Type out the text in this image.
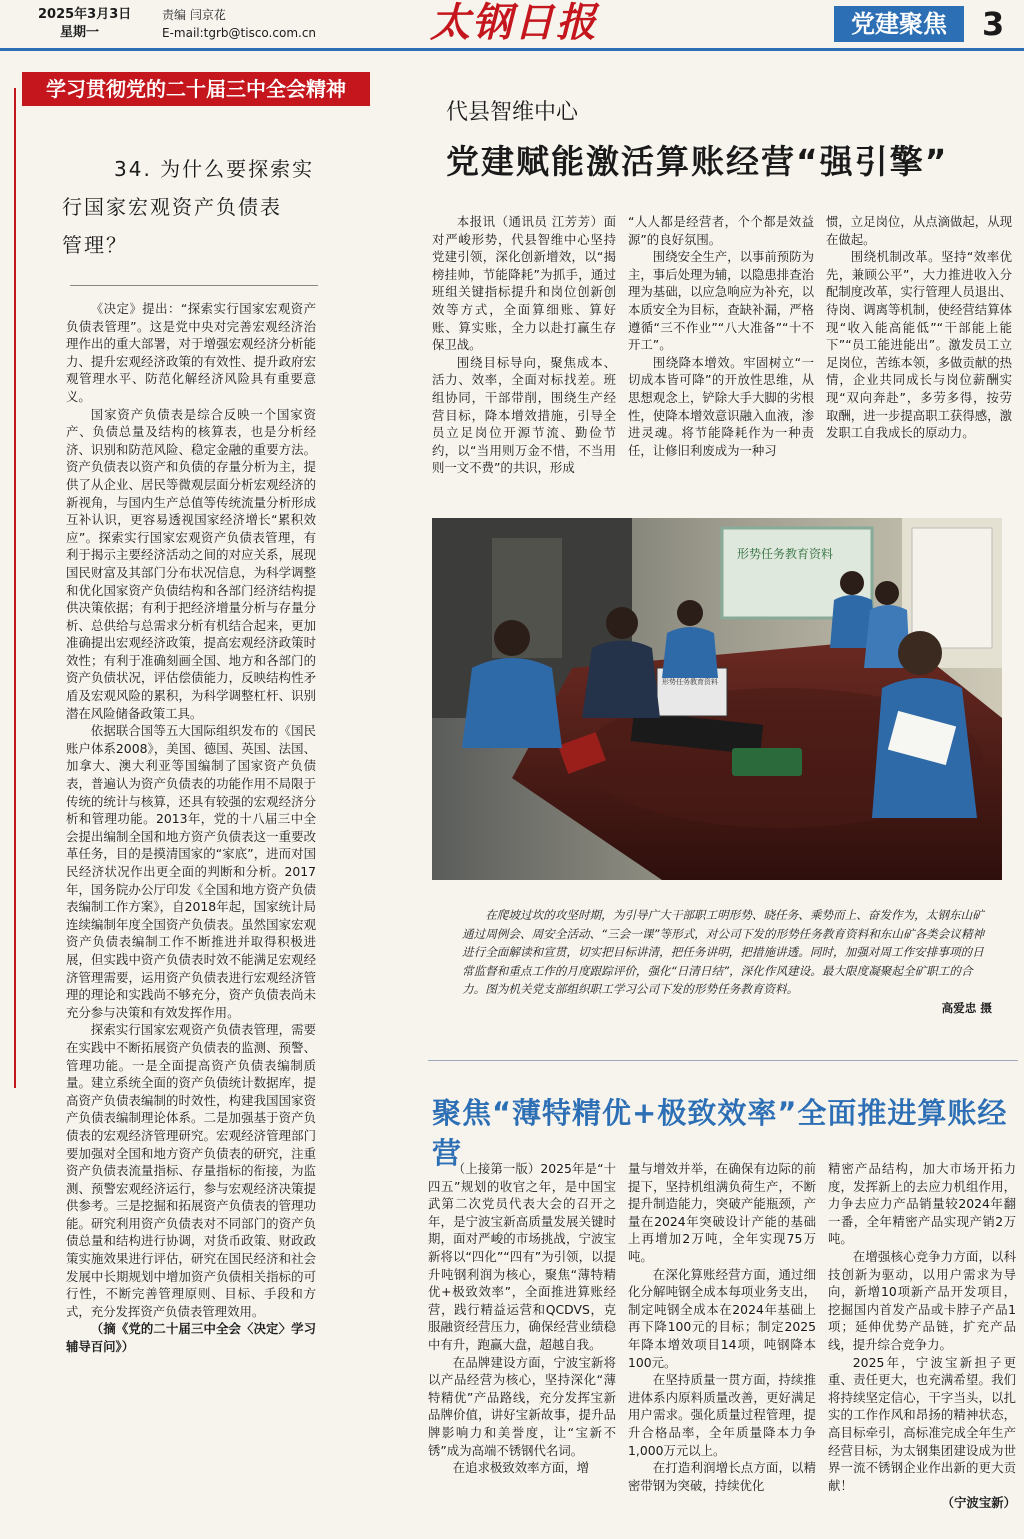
2025年3月3日
星期一
责编 闫京花
E-mail:tgrb@tisco.com.cn	太钢日报	党建聚焦	3
学习贯彻党的二十届三中全会精神
34. 为什么要探索实
行国家宏观资产负债表
管理？

《决定》提出：“探索实行国家宏观资产负债表管理”。这是党中央对完善宏观经济治理作出的重大部署，对于增强宏观经济分析能力、提升宏观经济政策的有效性、提升政府宏观管理水平、防范化解经济风险具有重要意义。

国家资产负债表是综合反映一个国家资产、负债总量及结构的核算表，也是分析经济、识别和防范风险、稳定金融的重要方法。资产负债表以资产和负债的存量分析为主，提供了从企业、居民等微观层面分析宏观经济的新视角，与国内生产总值等传统流量分析形成互补认识，更容易透视国家经济增长“累积效应”。探索实行国家宏观资产负债表管理，有利于揭示主要经济活动之间的对应关系，展现国民财富及其部门分布状况信息，为科学调整和优化国家资产负债结构和各部门经济结构提供决策依据；有利于把经济增量分析与存量分析、总供给与总需求分析有机结合起来，更加准确提出宏观经济政策，提高宏观经济政策时效性；有利于准确刻画全国、地方和各部门的资产负债状况，评估偿债能力，反映结构性矛盾及宏观风险的累积，为科学调整杠杆、识别潜在风险储备政策工具。

依据联合国等五大国际组织发布的《国民账户体系2008》，美国、德国、英国、法国、加拿大、澳大利亚等国编制了国家资产负债表，普遍认为资产负债表的功能作用不局限于传统的统计与核算，还具有较强的宏观经济分析和管理功能。2013年，党的十八届三中全会提出编制全国和地方资产负债表这一重要改革任务，目的是摸清国家的“家底”，进而对国民经济状况作出更全面的判断和分析。2017年，国务院办公厅印发《全国和地方资产负债表编制工作方案》，自2018年起，国家统计局连续编制年度全国资产负债表。虽然国家宏观资产负债表编制工作不断推进并取得积极进展，但实践中资产负债表时效不能满足宏观经济管理需要，运用资产负债表进行宏观经济管理的理论和实践尚不够充分，资产负债表尚未充分参与决策和有效发挥作用。

探索实行国家宏观资产负债表管理，需要在实践中不断拓展资产负债表的监测、预警、管理功能。一是全面提高资产负债表编制质量。建立系统全面的资产负债统计数据库，提高资产负债表编制的时效性，构建我国国家资产负债表编制理论体系。二是加强基于资产负债表的宏观经济管理研究。宏观经济管理部门要加强对全国和地方资产负债表的研究，注重资产负债表流量指标、存量指标的衔接，为监测、预警宏观经济运行，参与宏观经济决策提供参考。三是挖掘和拓展资产负债表的管理功能。研究利用资产负债表对不同部门的资产负债总量和结构进行协调，对货币政策、财政政策实施效果进行评估，研究在国民经济和社会发展中长期规划中增加资产负债相关指标的可行性，不断完善管理原则、目标、手段和方式，充分发挥资产负债表管理效用。

（摘《党的二十届三中全会〈决定〉学习辅导百问》）

代县智维中心
党建赋能激活算账经营“强引擎”

本报讯（通讯员 江芳芳）面对严峻形势，代县智维中心坚持党建引领，深化创新增效，以“揭榜挂帅，节能降耗”为抓手，通过班组关键指标提升和岗位创新创效等方式，全面算细账、算好账、算实账，全力以赴打赢生存保卫战。

围绕目标导向，聚焦成本、活力、效率，全面对标找差。班组协同，干部带削，围绕生产经营目标，降本增效措施，引导全员立足岗位开源节流、勤俭节约，以“当用则万金不惜，不当用则一文不费”的共识，形成

“人人都是经营者，个个都是效益源”的良好氛围。

围绕安全生产，以事前预防为主，事后处理为辅，以隐患排查治理为基础，以应急响应为补充，以本质安全为目标，查缺补漏，严格遵循“三不作业”“八大准备”“十不开工”。

围绕降本增效。牢固树立“一切成本皆可降”的开放性思维，从思想观念上，铲除大手大脚的劣根性，使降本增效意识融入血液，渗进灵魂。将节能降耗作为一种责任，让修旧利废成为一种习

惯，立足岗位，从点滴做起，从现在做起。

围绕机制改革。坚持“效率优先，兼顾公平”，大力推进收入分配制度改革，实行管理人员退出、待岗、调离等机制，使经营结算体现“收入能高能低”“干部能上能下”“员工能进能出”。激发员工立足岗位，苦练本领，多做贡献的热情，企业共同成长与岗位薪酬实现“双向奔赴”，多劳多得，按劳取酬，进一步提高职工获得感，激发职工自我成长的原动力。

形势任务教育资料
形势任务教育资料
在爬坡过坎的攻坚时期，为引导广大干部职工明形势、晓任务、乘势而上、奋发作为，太钢东山矿通过周例会、周安全活动、“三会一课”等形式，对公司下发的形势任务教育资料和东山矿各类会议精神进行全面解读和宣贯，切实把目标讲清，把任务讲明，把措施讲透。同时，加强对周工作安排事项的日常监督和重点工作的月度跟踪评价，强化“日清日结”，深化作风建设。最大限度凝聚起全矿职工的合力。图为机关党支部组织职工学习公司下发的形势任务教育资料。
高爱忠 摄
聚焦“薄特精优+极致效率”全面推进算账经营

（上接第一版）2025年是“十四五”规划的收官之年，是中国宝武第二次党员代表大会的召开之年，是宁波宝新高质量发展关键时期，面对严峻的市场挑战，宁波宝新将以“四化”“四有”为引领，以提升吨钢利润为核心，聚焦“薄特精优+极致效率”，全面推进算账经营，践行精益运营和QCDVS，克服融资经营压力，确保经营业绩稳中有升，跑赢大盘，超越自我。

在品牌建设方面，宁波宝新将以产品经营为核心，坚持深化“薄特精优”产品路线，充分发挥宝新品牌价值，讲好宝新故事，提升品牌影响力和美誉度，让“宝新不锈”成为高端不锈钢代名词。

在追求极致效率方面，增

量与增效并举，在确保有边际的前提下，坚持机组满负荷生产，不断提升制造能力，突破产能瓶颈，产量在2024年突破设计产能的基础上再增加2万吨，全年实现75万吨。

在深化算账经营方面，通过细化分解吨钢全成本每项业务支出，制定吨钢全成本在2024年基础上再下降100元的目标；制定2025年降本增效项目14项，吨钢降本100元。

在坚持质量一贯方面，持续推进体系内原料质量改善，更好满足用户需求。强化质量过程管理，提升合格品率，全年质量降本力争1,000万元以上。

在打造利润增长点方面，以精密带钢为突破，持续优化

精密产品结构，加大市场开拓力度，发挥新上的去应力机组作用，力争去应力产品销量较2024年翻一番，全年精密产品实现产销2万吨。

在增强核心竞争力方面，以科技创新为驱动，以用户需求为导向，新增10项新产品开发项目，挖掘国内首发产品或卡脖子产品1项；延伸优势产品链，扩充产品线，提升综合竞争力。

2025年，宁波宝新担子更重、责任更大，也充满希望。我们将持续坚定信心，干字当头，以扎实的工作作风和昂扬的精神状态，高目标牵引，高标准完成全年生产经营目标，为太钢集团建设成为世界一流不锈钢企业作出新的更大贡献！

（宁波宝新）
